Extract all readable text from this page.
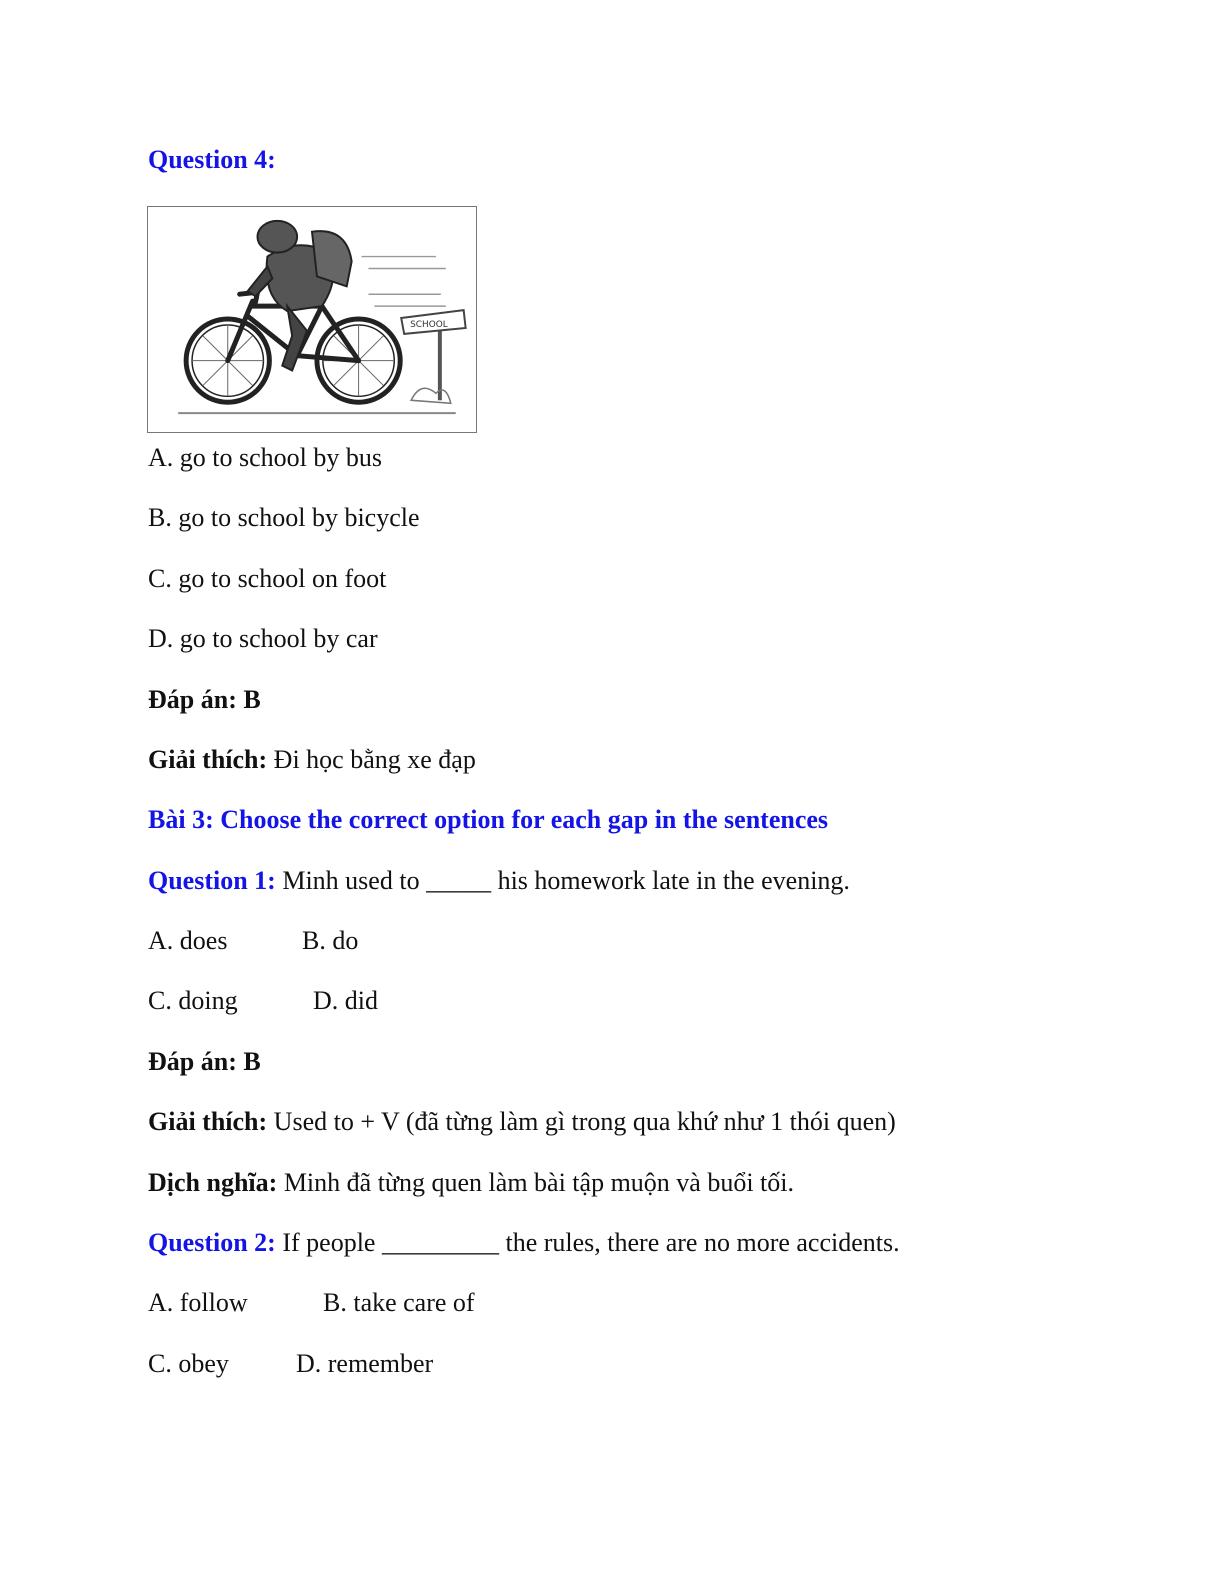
Question 4:
SCHOOL
A. go to school by bus
B. go to school by bicycle
C. go to school on foot
D. go to school by car
Đáp án: B
Giải thích: Đi học bằng xe đạp
Bài 3: Choose the correct option for each gap in the sentences
Question 1: Minh used to _____ his homework late in the evening.
A. does	B. do
C. doing	D. did
Đáp án: B
Giải thích: Used to + V (đã từng làm gì trong qua khứ như 1 thói quen)
Dịch nghĩa: Minh đã từng quen làm bài tập muộn và buổi tối.
Question 2: If people _________ the rules, there are no more accidents.
A. follow	B. take care of
C. obey	D. remember
